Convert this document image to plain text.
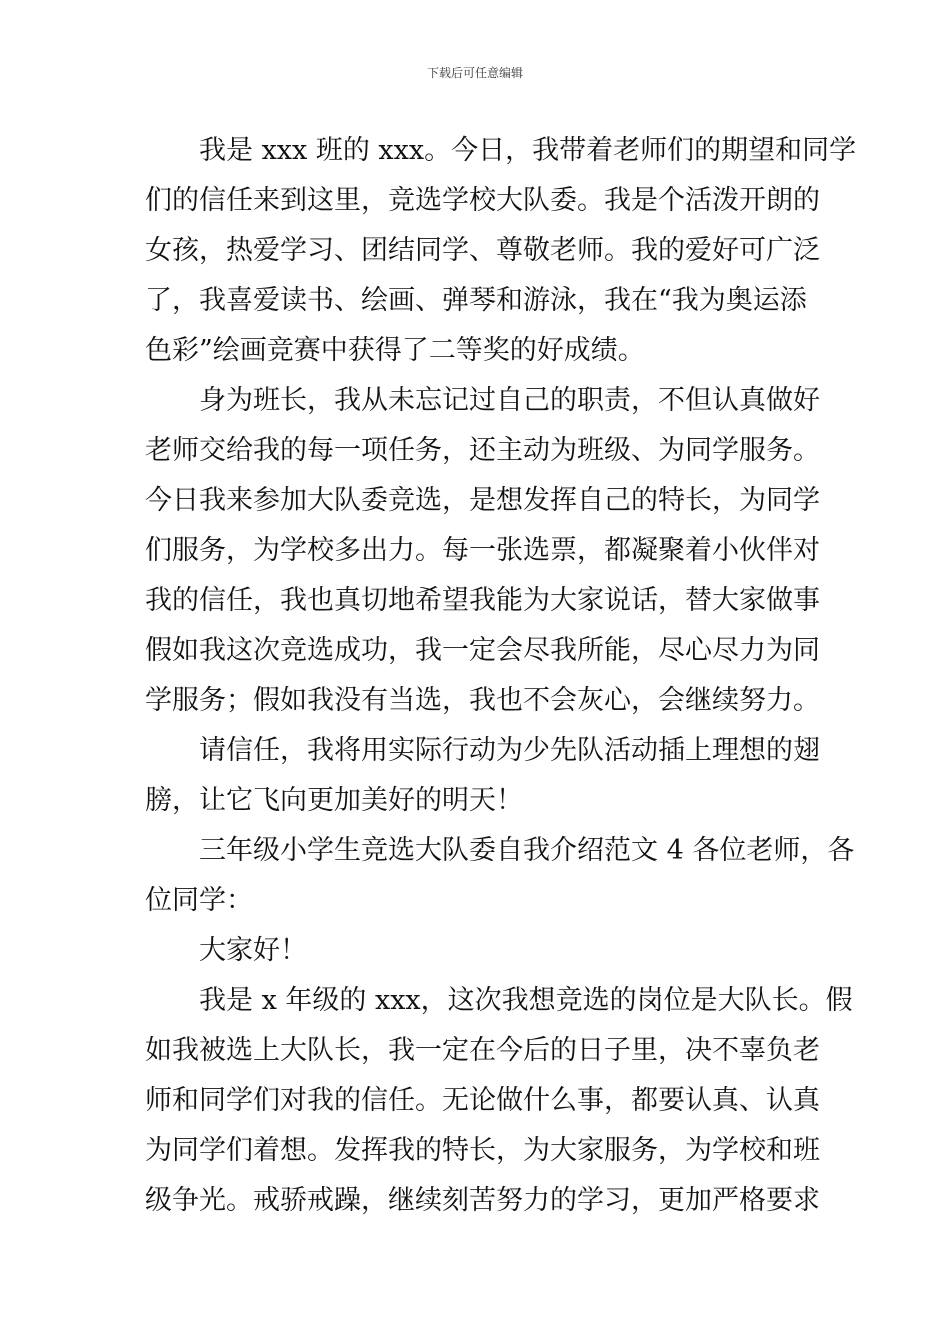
下载后可任意编辑
我是 xxx 班的 xxx。今日，我带着老师们的期望和同学
们的信任来到这里，竞选学校大队委。我是个活泼开朗的
女孩，热爱学习、团结同学、尊敬老师。我的爱好可广泛
了，我喜爱读书、绘画、弹琴和游泳，我在“我为奥运添
色彩”绘画竞赛中获得了二等奖的好成绩。
身为班长，我从未忘记过自己的职责，不但认真做好
老师交给我的每一项任务，还主动为班级、为同学服务。
今日我来参加大队委竞选，是想发挥自己的特长，为同学
们服务，为学校多出力。每一张选票，都凝聚着小伙伴对
我的信任，我也真切地希望我能为大家说话，替大家做事
假如我这次竞选成功，我一定会尽我所能，尽心尽力为同
学服务；假如我没有当选，我也不会灰心，会继续努力。
请信任，我将用实际行动为少先队活动插上理想的翅
膀，让它飞向更加美好的明天！
三年级小学生竞选大队委自我介绍范文 4 各位老师，各
位同学：
大家好！
我是 x 年级的 xxx，这次我想竞选的岗位是大队长。假
如我被选上大队长，我一定在今后的日子里，决不辜负老
师和同学们对我的信任。无论做什么事，都要认真、认真
为同学们着想。发挥我的特长，为大家服务，为学校和班
级争光。戒骄戒躁，继续刻苦努力的学习，更加严格要求
